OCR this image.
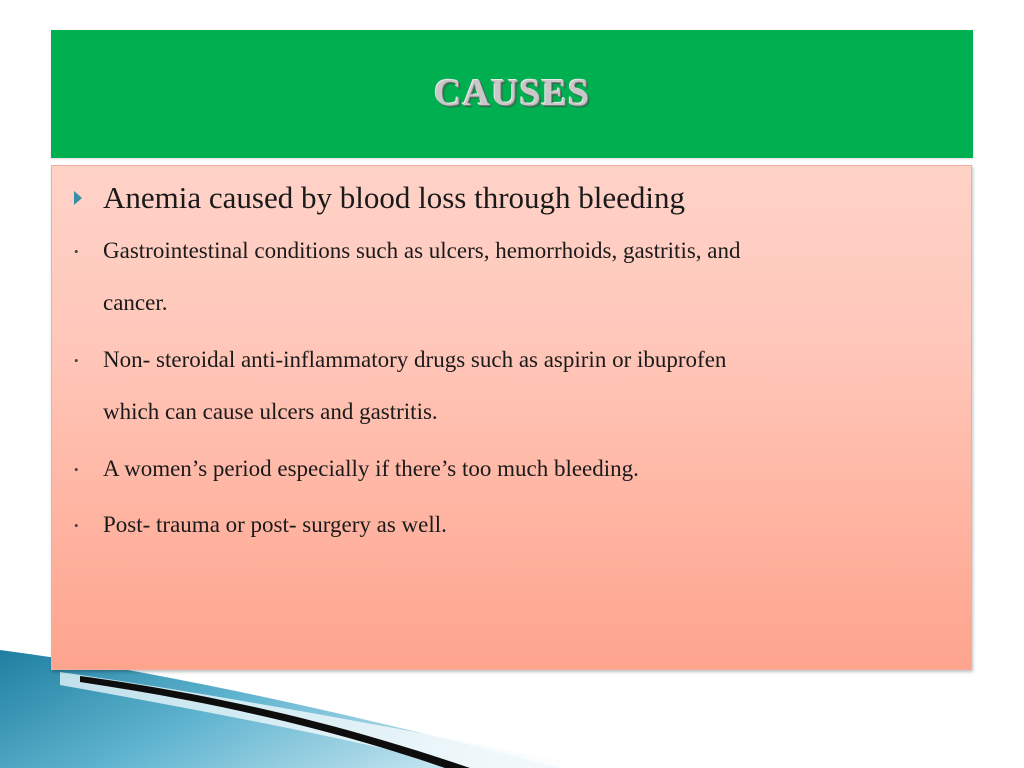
CAUSES
Anemia caused by blood loss through bleeding
• Gastrointestinal conditions such as ulcers, hemorrhoids, gastritis, and
cancer.
• Non- steroidal anti-inflammatory drugs such as aspirin or ibuprofen
which can cause ulcers and gastritis.
• A women’s period especially if there’s too much bleeding.
• Post- trauma or post- surgery as well.
